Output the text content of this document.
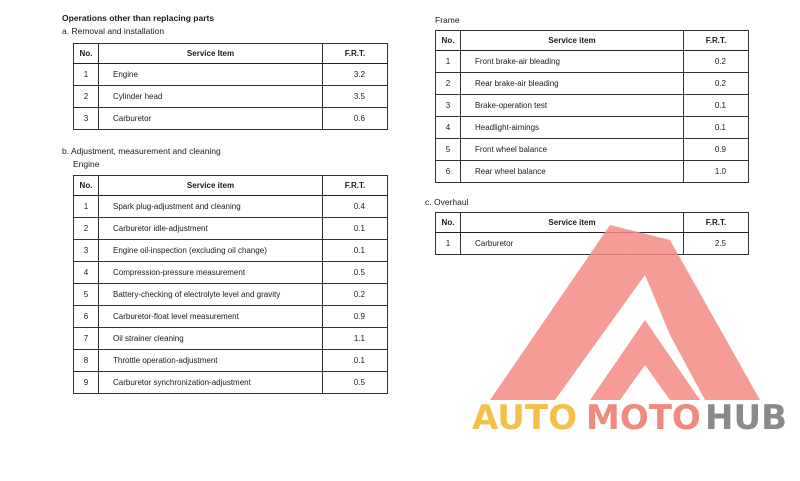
Operations other than replacing parts
a. Removal and installation
No.	Service Item	F.R.T.
1	Engine	3.2
2	Cylinder head	3.5
3	Carburetor	0.6
b. Adjustment, measurement and cleaning
Engine
No.	Service item	F.R.T.
1	Spark plug-adjustment and cleaning	0.4
2	Carburetor idle-adjustment	0.1
3	Engine oil-inspection (excluding oil change)	0.1
4	Compression-pressure measurement	0.5
5	Battery-checking of electrolyte level and gravity	0.2
6	Carburetor-float level measurement	0.9
7	Oil strainer cleaning	1.1
8	Throttle operation-adjustment	0.1
9	Carburetor synchronization-adjustment	0.5
Frame
No.	Service item	F.R.T.
1	Front brake-air bleading	0.2
2	Rear brake-air bleading	0.2
3	Brake-operation test	0.1
4	Headlight-aimings	0.1
5	Front wheel balance	0.9
6	Rear wheel balance	1.0
c. Overhaul
No.	Service item	F.R.T.
1	Carburetor	2.5
AUTO MOTO HUB
